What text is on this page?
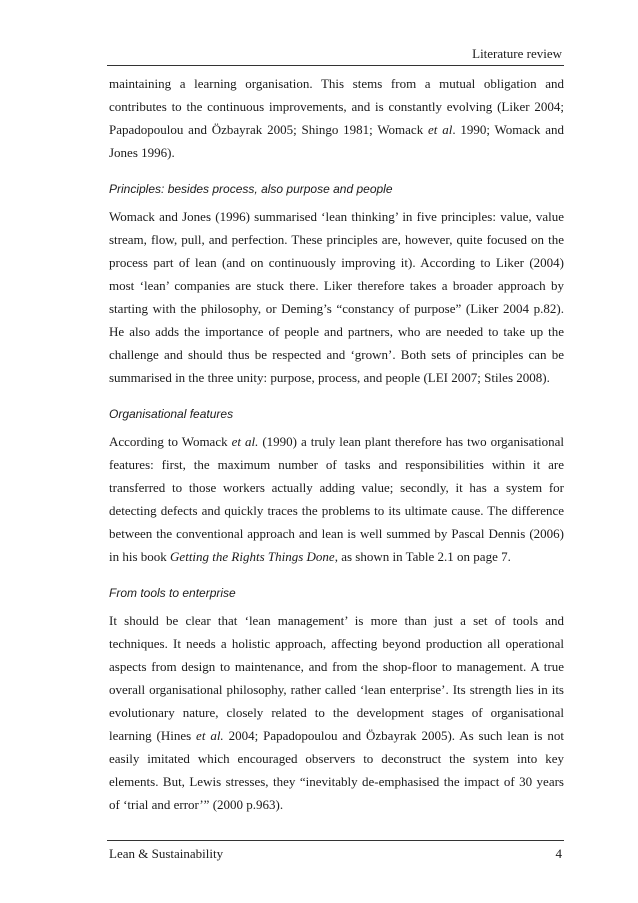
Literature review

maintaining a learning organisation. This stems from a mutual obligation and contributes to the continuous improvements, and is constantly evolving (Liker 2004; Papadopoulou and Özbayrak 2005; Shingo 1981; Womack et al. 1990; Womack and Jones 1996).

Principles: besides process, also purpose and people

Womack and Jones (1996) summarised ‘lean thinking’ in five principles: value, value stream, flow, pull, and perfection. These principles are, however, quite focused on the process part of lean (and on continuously improving it). According to Liker (2004) most ‘lean’ companies are stuck there. Liker therefore takes a broader approach by starting with the philosophy, or Deming’s “constancy of purpose” (Liker 2004 p.82). He also adds the importance of people and partners, who are needed to take up the challenge and should thus be respected and ‘grown’. Both sets of principles can be summarised in the three unity: purpose, process, and people (LEI 2007; Stiles 2008).

Organisational features

According to Womack et al. (1990) a truly lean plant therefore has two organisational features: first, the maximum number of tasks and responsibilities within it are transferred to those workers actually adding value; secondly, it has a system for detecting defects and quickly traces the problems to its ultimate cause. The difference between the conventional approach and lean is well summed by Pascal Dennis (2006) in his book Getting the Rights Things Done, as shown in Table 2.1 on page 7.

From tools to enterprise

It should be clear that ‘lean management’ is more than just a set of tools and techniques. It needs a holistic approach, affecting beyond production all operational aspects from design to maintenance, and from the shop-floor to management. A true overall organisational philosophy, rather called ‘lean enterprise’. Its strength lies in its evolutionary nature, closely related to the development stages of organisational learning (Hines et al. 2004; Papadopoulou and Özbayrak 2005). As such lean is not easily imitated which encouraged observers to deconstruct the system into key elements. But, Lewis stresses, they “inevitably de-emphasised the impact of 30 years of ‘trial and error’” (2000 p.963).

Lean & Sustainability	4
